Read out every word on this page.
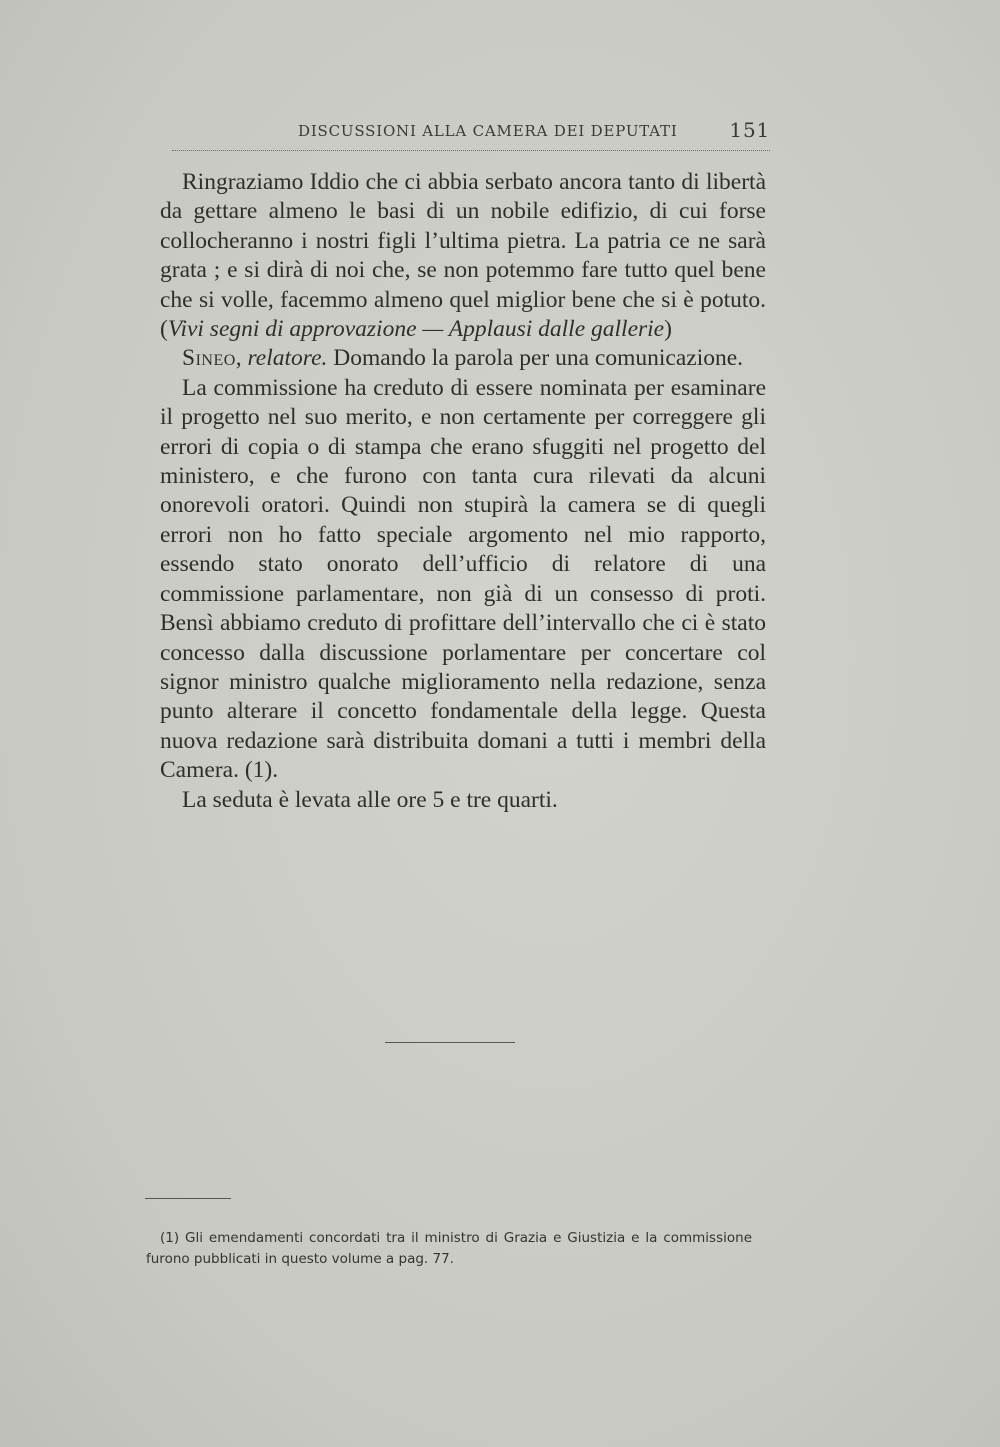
DISCUSSIONI ALLA CAMERA DEI DEPUTATI	151

Ringraziamo Iddio che ci abbia serbato ancora tanto di libertà da gettare almeno le basi di un nobile edifizio, di cui forse collocheranno i nostri figli l’ultima pietra. La patria ce ne sarà grata ; e si dirà di noi che, se non potemmo fare tutto quel bene che si volle, facemmo almeno quel miglior bene che si è potuto. (Vivi segni di approvazione — Applausi dalle gallerie)

Sineo, relatore. Domando la parola per una comunicazione.

La commissione ha creduto di essere nominata per esaminare il progetto nel suo merito, e non certamente per correggere gli errori di copia o di stampa che erano sfuggiti nel progetto del ministero, e che furono con tanta cura rilevati da alcuni onorevoli oratori. Quindi non stupirà la camera se di quegli errori non ho fatto speciale argomento nel mio rapporto, essendo stato onorato dell’ufficio di relatore di una commissione parlamentare, non già di un consesso di proti. Bensì abbiamo creduto di profittare dell’intervallo che ci è stato concesso dalla discussione porlamentare per concertare col signor ministro qualche miglioramento nella redazione, senza punto alterare il concetto fondamentale della legge. Questa nuova redazione sarà distribuita domani a tutti i membri della Camera. (1).

La seduta è levata alle ore 5 e tre quarti.

(1) Gli emendamenti concordati tra il ministro di Grazia e Giustizia e la commissione furono pubblicati in questo volume a pag. 77.
